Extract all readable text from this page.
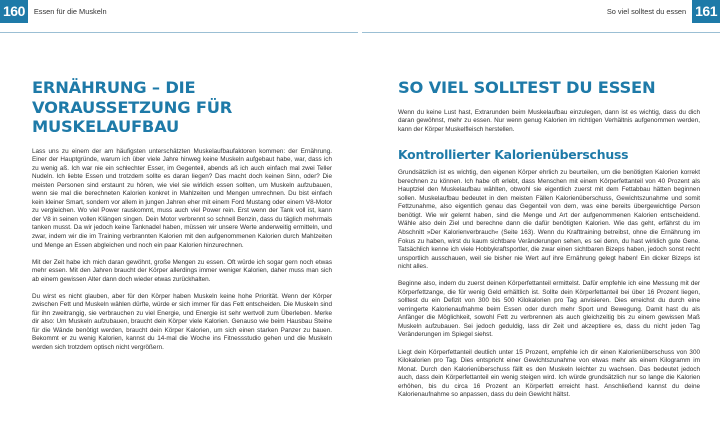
160	Essen für die Muskeln
ERNÄHRUNG – DIE VORAUSSETZUNG FÜR MUSKELAUFBAU

Lass uns zu einem der am häufigsten unterschätzten Muskelaufbaufaktoren kommen: der Ernährung. Einer der Hauptgründe, warum ich über viele Jahre hinweg keine Muskeln aufgebaut habe, war, dass ich zu wenig aß. Ich war nie ein schlechter Esser, im Gegenteil, abends aß ich auch einfach mal zwei Teller Nudeln. Ich liebte Essen und trotzdem sollte es daran liegen? Das macht doch keinen Sinn, oder? Die meisten Personen sind erstaunt zu hören, wie viel sie wirklich essen sollten, um Muskeln aufzubauen, wenn sie mal die berechneten Kalorien konkret in Mahlzeiten und Mengen umrechnen. Du bist einfach kein kleiner Smart, sondern vor allem in jungen Jahren eher mit einem Ford Mustang oder einem V8-Motor zu vergleichen. Wo viel Power rauskommt, muss auch viel Power rein. Erst wenn der Tank voll ist, kann der V8 in seinen vollen Klängen singen. Dein Motor verbrennt so schnell Benzin, dass du täglich mehrmals tanken musst. Da wir jedoch keine Tanknadel haben, müssen wir unsere Werte anderweitig ermitteln, und zwar, indem wir die im Training verbrannten Kalorien mit den aufgenommenen Kalorien durch Mahlzeiten und Menge an Essen abgleichen und noch ein paar Kalorien hinzurechnen.

Mit der Zeit habe ich mich daran gewöhnt, große Mengen zu essen. Oft würde ich sogar gern noch etwas mehr essen. Mit den Jahren braucht der Körper allerdings immer weniger Kalorien, daher muss man sich ab einem gewissen Alter dann doch wieder etwas zurückhalten.

Du wirst es nicht glauben, aber für den Körper haben Muskeln keine hohe Priorität. Wenn der Körper zwischen Fett und Muskeln wählen dürfte, würde er sich immer für das Fett entscheiden. Die Muskeln sind für ihn zweitrangig, sie verbrauchen zu viel Energie, und Energie ist sehr wertvoll zum Überleben. Merke dir also: Um Muskeln aufzubauen, braucht dein Körper viele Kalorien. Genauso wie beim Hausbau Steine für die Wände benötigt werden, braucht dein Körper Kalorien, um sich einen starken Panzer zu bauen. Bekommt er zu wenig Kalorien, kannst du 14-mal die Woche ins Fitnessstudio gehen und die Muskeln werden sich trotzdem optisch nicht vergrößern.

So viel solltest du essen 161
SO VIEL SOLLTEST DU ESSEN

Wenn du keine Lust hast, Extrarunden beim Muskelaufbau einzulegen, dann ist es wichtig, dass du dich daran gewöhnst, mehr zu essen. Nur wenn genug Kalorien im richtigen Verhältnis aufgenommen werden, kann der Körper Muskelfleisch herstellen.

Kontrollierter Kalorienüberschuss

Grundsätzlich ist es wichtig, den eigenen Körper ehrlich zu beurteilen, um die benötigten Kalorien korrekt berechnen zu können. Ich habe oft erlebt, dass Menschen mit einem Körperfettanteil von 40 Prozent als Hauptziel den Muskelaufbau wählten, obwohl sie eigentlich zuerst mit dem Fettabbau hätten beginnen sollen. Muskelaufbau bedeutet in den meisten Fällen Kalorienüberschuss, Gewichtszunahme und somit Fettzunahme, also eigentlich genau das Gegenteil von dem, was eine bereits übergewichtige Person benötigt. Wie wir gelernt haben, sind die Menge und Art der aufgenommenen Kalorien entscheidend. Wähle also dein Ziel und berechne dann die dafür benötigten Kalorien. Wie das geht, erfährst du im Abschnitt »Der Kalorienverbrauch« (Seite 163). Wenn du Krafttraining betreibst, ohne die Ernährung im Fokus zu haben, wirst du kaum sichtbare Veränderungen sehen, es sei denn, du hast wirklich gute Gene. Tatsächlich kenne ich viele Hobbykraftsportler, die zwar einen sichtbaren Bizeps haben, jedoch sonst recht unsportlich ausschauen, weil sie bisher nie Wert auf ihre Ernährung gelegt haben! Ein dicker Bizeps ist nicht alles.

Beginne also, indem du zuerst deinen Körperfettanteil ermittelst. Dafür empfehle ich eine Messung mit der Körperfettzange, die für wenig Geld erhältlich ist. Sollte dein Körperfettanteil bei über 16 Prozent liegen, solltest du ein Defizit von 300 bis 500 Kilokalorien pro Tag anvisieren. Dies erreichst du durch eine verringerte Kalorienaufnahme beim Essen oder durch mehr Sport und Bewegung. Damit hast du als Anfänger die Möglichkeit, sowohl Fett zu verbrennen als auch gleichzeitig bis zu einem gewissen Maß Muskeln aufzubauen. Sei jedoch geduldig, lass dir Zeit und akzeptiere es, dass du nicht jeden Tag Veränderungen im Spiegel siehst.

Liegt dein Körperfettanteil deutlich unter 15 Prozent, empfehle ich dir einen Kalorienüberschuss von 300 Kilokalorien pro Tag. Dies entspricht einer Gewichtszunahme von etwas mehr als einem Kilogramm im Monat. Durch den Kalorienüberschuss fällt es den Muskeln leichter zu wachsen. Das bedeutet jedoch auch, dass dein Körperfettanteil ein wenig steigen wird. Ich würde grundsätzlich nur so lange die Kalorien erhöhen, bis du circa 16 Prozent an Körperfett erreicht hast. Anschließend kannst du deine Kalorienaufnahme so anpassen, dass du dein Gewicht hältst.
